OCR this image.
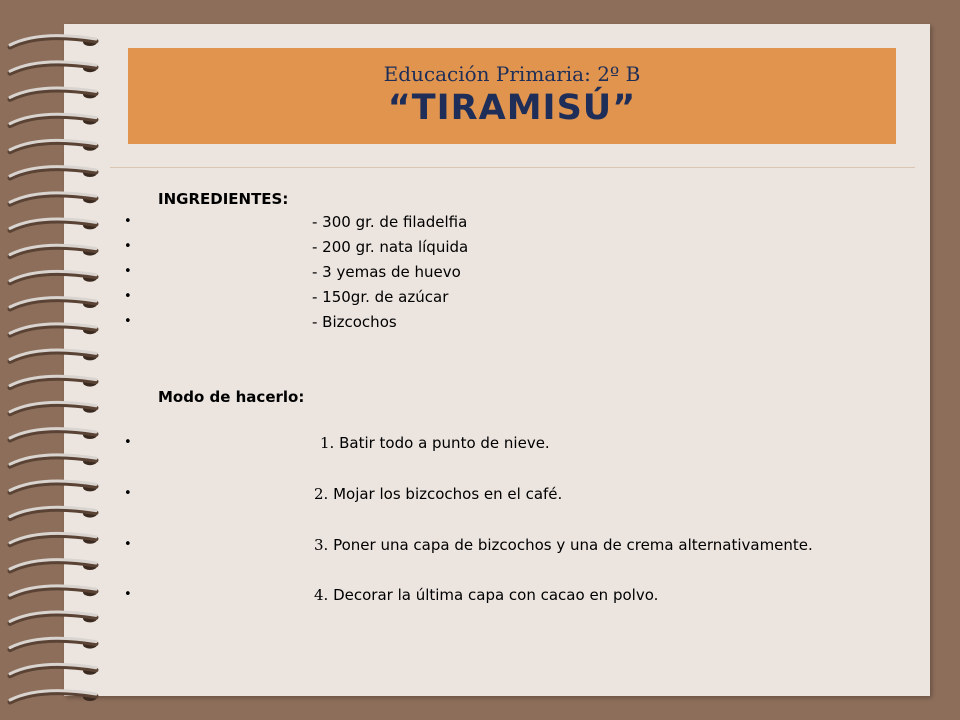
Educación Primaria: 2º B
“TIRAMISÚ”
INGREDIENTES:
•	- 300 gr. de filadelfia
•	- 200 gr. nata líquida
•	- 3 yemas de huevo
•	- 150gr. de azúcar
•	- Bizcochos
Modo de hacerlo:
•	1. Batir todo a punto de nieve.
•	2. Mojar los bizcochos en el café.
•	3. Poner una capa de bizcochos y una de crema alternativamente.
•	4. Decorar la última capa con cacao en polvo.
